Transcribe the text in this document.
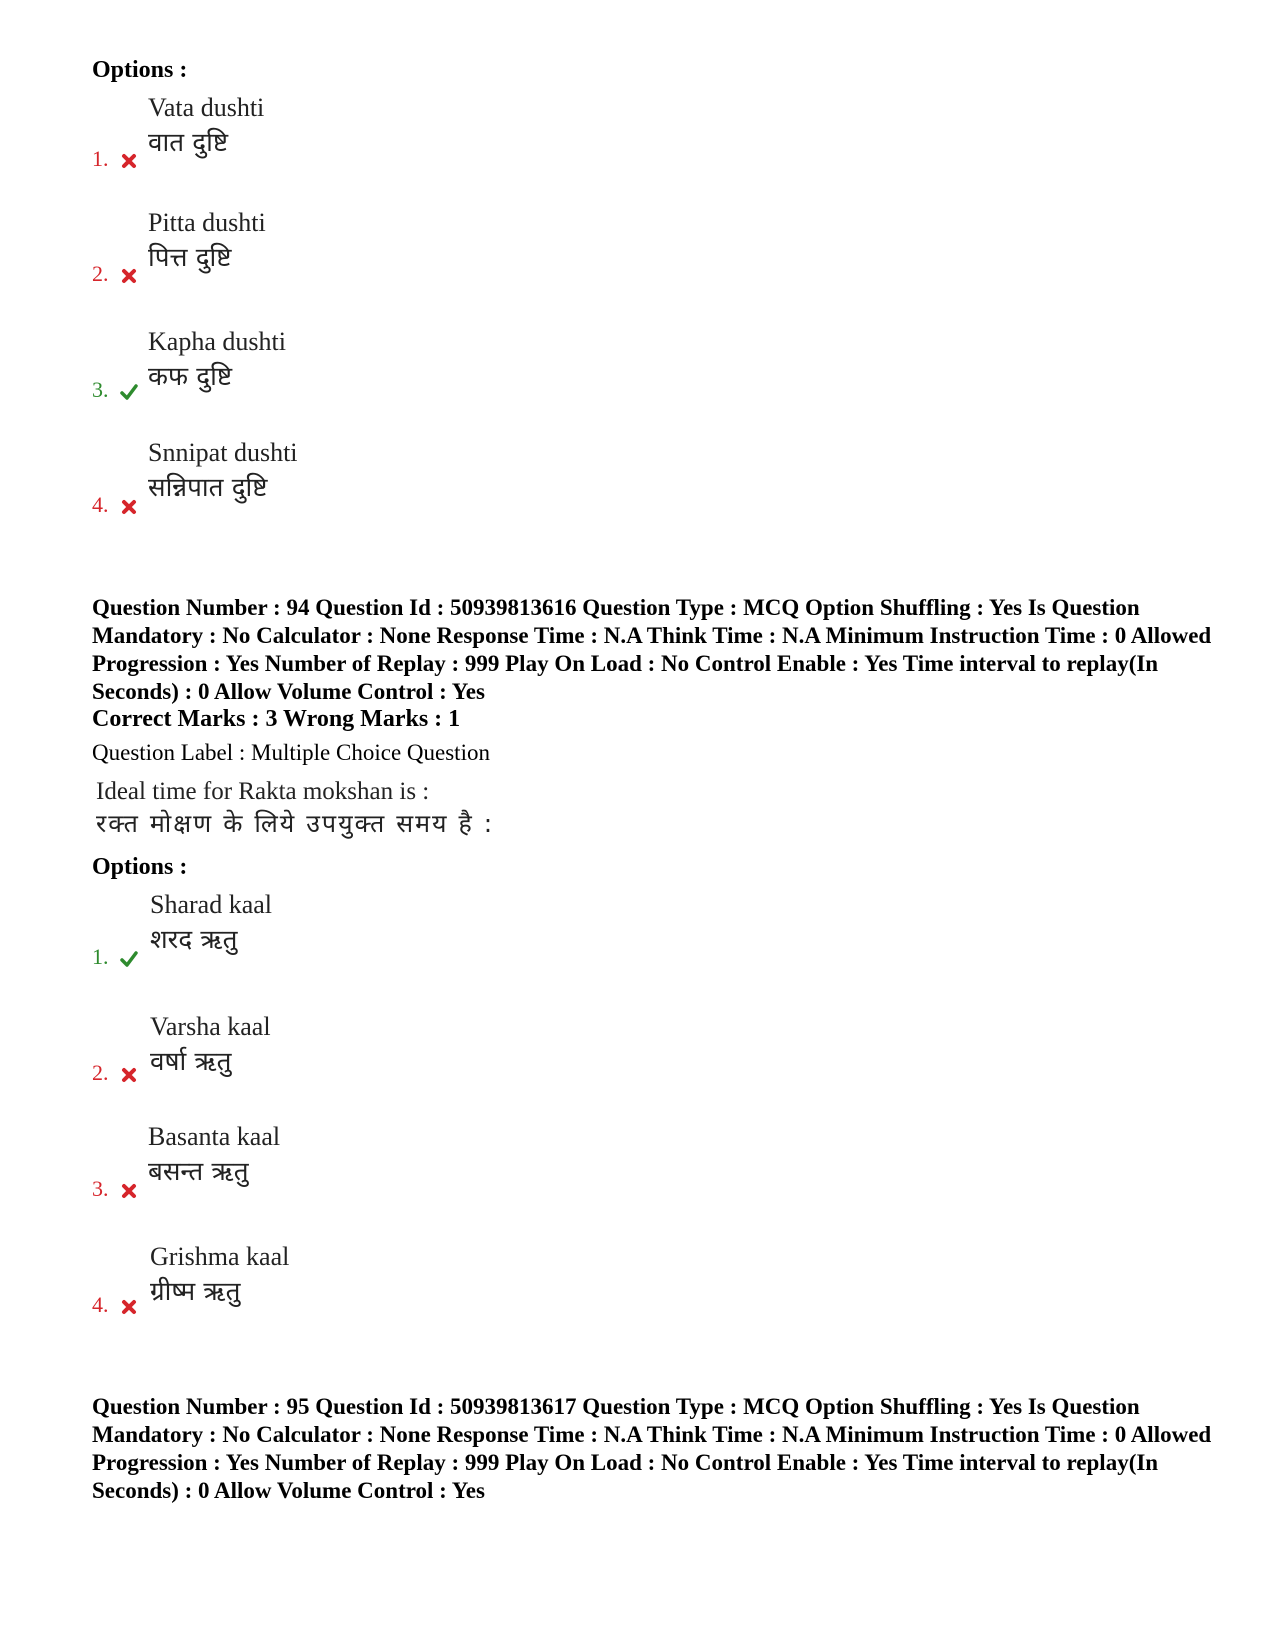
Options :
Vata dushti
वात दुष्टि
1.
Pitta dushti
पित्त दुष्टि
2.
Kapha dushti
कफ दुष्टि
3.
Snnipat dushti
सन्निपात दुष्टि
4.
Question Number : 94 Question Id : 50939813616 Question Type : MCQ Option Shuffling : Yes Is Question Mandatory : No Calculator : None Response Time : N.A Think Time : N.A Minimum Instruction Time : 0 Allowed Progression : Yes Number of Replay : 999 Play On Load : No Control Enable : Yes Time interval to replay(In Seconds) : 0 Allow Volume Control : Yes
Correct Marks : 3 Wrong Marks : 1
Question Label : Multiple Choice Question
Ideal time for Rakta mokshan is :
रक्त मोक्षण के लिये उपयुक्त समय है :
Options :
Sharad kaal
शरद ऋतु
1.
Varsha kaal
वर्षा ऋतु
2.
Basanta kaal
बसन्त ऋतु
3.
Grishma kaal
ग्रीष्म ऋतु
4.
Question Number : 95 Question Id : 50939813617 Question Type : MCQ Option Shuffling : Yes Is Question Mandatory : No Calculator : None Response Time : N.A Think Time : N.A Minimum Instruction Time : 0 Allowed Progression : Yes Number of Replay : 999 Play On Load : No Control Enable : Yes Time interval to replay(In Seconds) : 0 Allow Volume Control : Yes
